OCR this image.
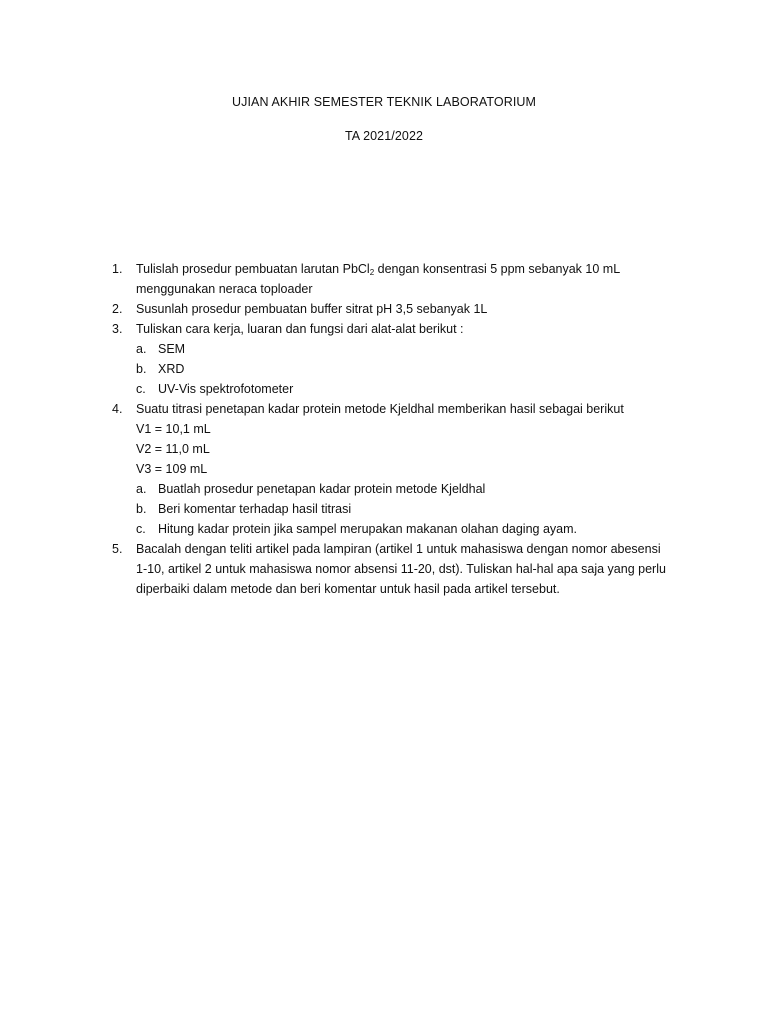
UJIAN AKHIR SEMESTER TEKNIK LABORATORIUM
TA 2021/2022
1. Tulislah prosedur pembuatan larutan PbCl$_2$ dengan konsentrasi 5 ppm sebanyak 10 mL
menggunakan neraca toploader
2. Susunlah prosedur pembuatan buffer sitrat pH 3,5 sebanyak 1L
3. Tuliskan cara kerja, luaran dan fungsi dari alat-alat berikut :
a. SEM
b. XRD
c. UV-Vis spektrofotometer
4. Suatu titrasi penetapan kadar protein metode Kjeldhal memberikan hasil sebagai berikut
V1 = 10,1 mL
V2 = 11,0 mL
V3 = 109 mL
a. Buatlah prosedur penetapan kadar protein metode Kjeldhal
b. Beri komentar terhadap hasil titrasi
c. Hitung kadar protein jika sampel merupakan makanan olahan daging ayam.
5. Bacalah dengan teliti artikel pada lampiran (artikel 1 untuk mahasiswa dengan nomor abesensi
1-10, artikel 2 untuk mahasiswa nomor absensi 11-20, dst). Tuliskan hal-hal apa saja yang perlu
diperbaiki dalam metode dan beri komentar untuk hasil pada artikel tersebut.
